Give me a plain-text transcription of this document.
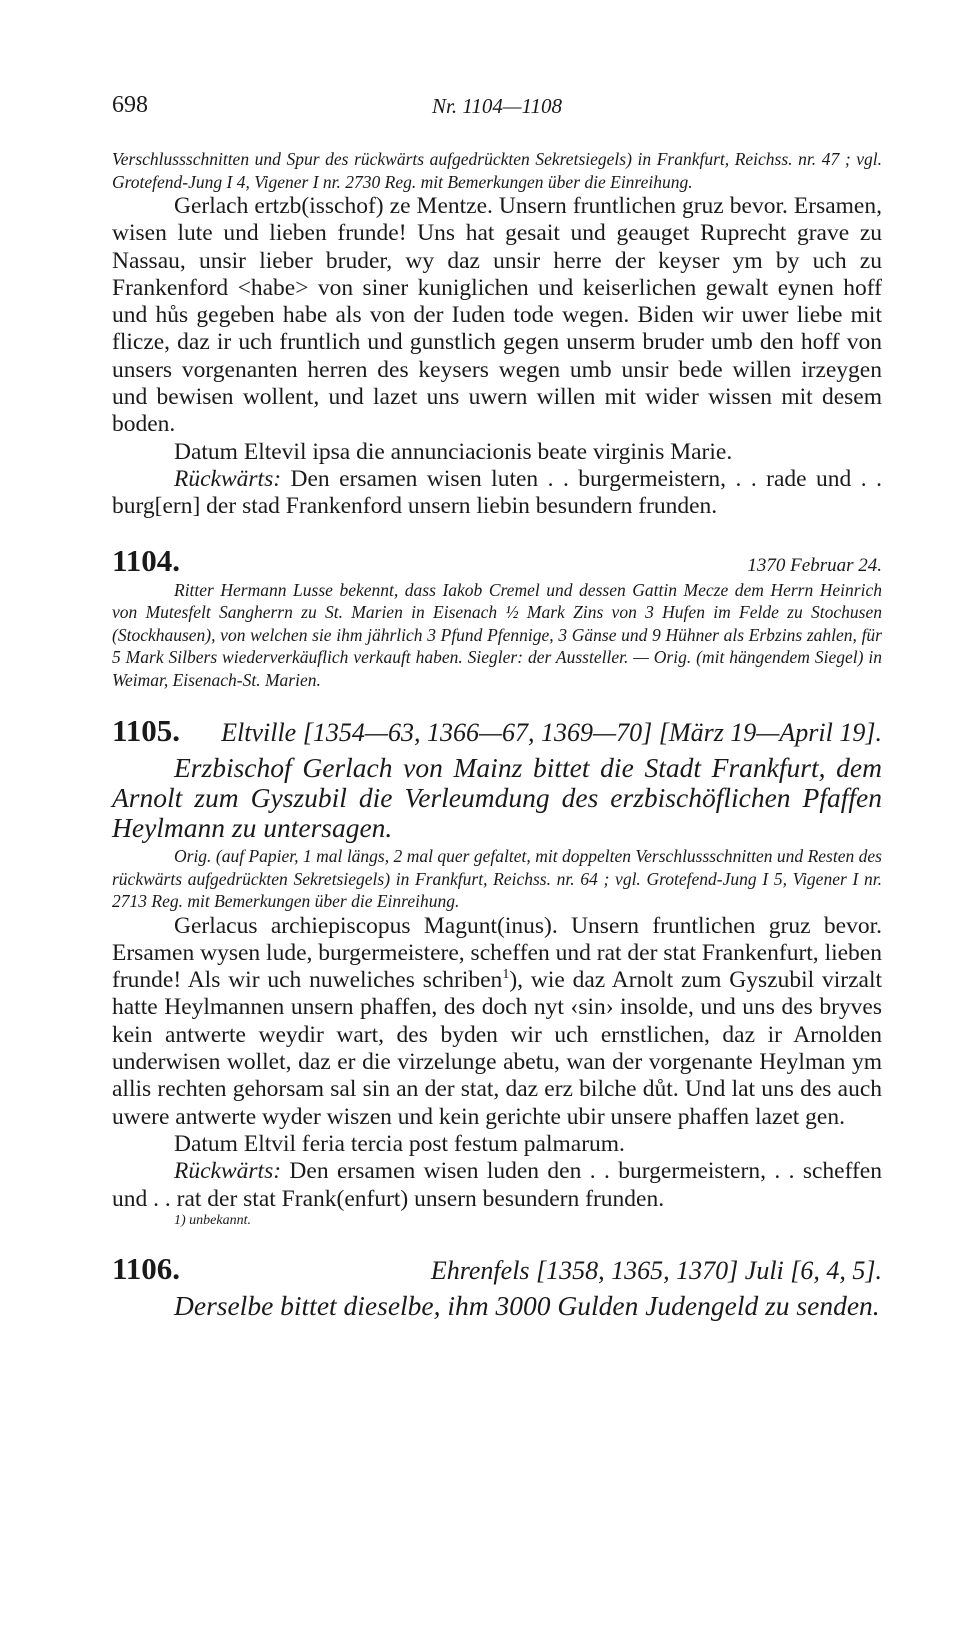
698	Nr. 1104—1108

Verschlussschnitten und Spur des rückwärts aufgedrückten Sekretsiegels) in Frankfurt, Reichss. nr. 47 ; vgl. Grotefend-Jung I 4, Vigener I nr. 2730 Reg. mit Bemerkungen über die Einreihung.

Gerlach ertzb(isschof) ze Mentze. Unsern fruntlichen gruz bevor. Ersamen, wisen lute und lieben frunde! Uns hat gesait und geauget Ruprecht grave zu Nassau, unsir lieber bruder, wy daz unsir herre der keyser ym by uch zu Frankenford <habe> von siner kuniglichen und keiserlichen gewalt eynen hoff und hůs gegeben habe als von der Iuden tode wegen. Biden wir uwer liebe mit flicze, daz ir uch fruntlich und gunstlich gegen unserm bruder umb den hoff von unsers vorgenanten herren des keysers wegen umb unsir bede willen irzeygen und bewisen wollent, und lazet uns uwern willen mit wider wissen mit desem boden.

Datum Eltevil ipsa die annunciacionis beate virginis Marie.

Rückwärts: Den ersamen wisen luten . . burgermeistern, . . rade und . . burg[ern] der stad Frankenford unsern liebin besundern frunden.

1104.	1370 Februar 24.

Ritter Hermann Lusse bekennt, dass Iakob Cremel und dessen Gattin Mecze dem Herrn Heinrich von Mutesfelt Sangherrn zu St. Marien in Eisenach ½ Mark Zins von 3 Hufen im Felde zu Stochusen (Stockhausen), von welchen sie ihm jährlich 3 Pfund Pfennige, 3 Gänse und 9 Hühner als Erbzins zahlen, für 5 Mark Silbers wiederverkäuflich verkauft haben. Siegler: der Aussteller. — Orig. (mit hängendem Siegel) in Weimar, Eisenach-St. Marien.

1105. Eltville [1354—63, 1366—67, 1369—70] [März 19—April 19].

Erzbischof Gerlach von Mainz bittet die Stadt Frankfurt, dem Arnolt zum Gyszubil die Verleumdung des erzbischöflichen Pfaffen Heylmann zu untersagen.

Orig. (auf Papier, 1 mal längs, 2 mal quer gefaltet, mit doppelten Verschlussschnitten und Resten des rückwärts aufgedrückten Sekretsiegels) in Frankfurt, Reichss. nr. 64 ; vgl. Grotefend-Jung I 5, Vigener I nr. 2713 Reg. mit Bemerkungen über die Einreihung.

Gerlacus archiepiscopus Magunt(inus). Unsern fruntlichen gruz bevor. Ersamen wysen lude, burgermeistere, scheffen und rat der stat Frankenfurt, lieben frunde! Als wir uch nuweliches schriben$^1$), wie daz Arnolt zum Gyszubil virzalt hatte Heylmannen unsern phaffen, des doch nyt ‹sin› insolde, und uns des bryves kein antwerte weydir wart, des byden wir uch ernstlichen, daz ir Arnolden underwisen wollet, daz er die virzelunge abetu, wan der vorgenante Heylman ym allis rechten gehorsam sal sin an der stat, daz erz bilche důt. Und lat uns des auch uwere antwerte wyder wiszen und kein gerichte ubir unsere phaffen lazet gen.

Datum Eltvil feria tercia post festum palmarum.

Rückwärts: Den ersamen wisen luden den . . burgermeistern, . . scheffen und . . rat der stat Frank(enfurt) unsern besundern frunden.

1) unbekannt.

1106.	Ehrenfels [1358, 1365, 1370] Juli [6, 4, 5].

Derselbe bittet dieselbe, ihm 3000 Gulden Judengeld zu senden.
